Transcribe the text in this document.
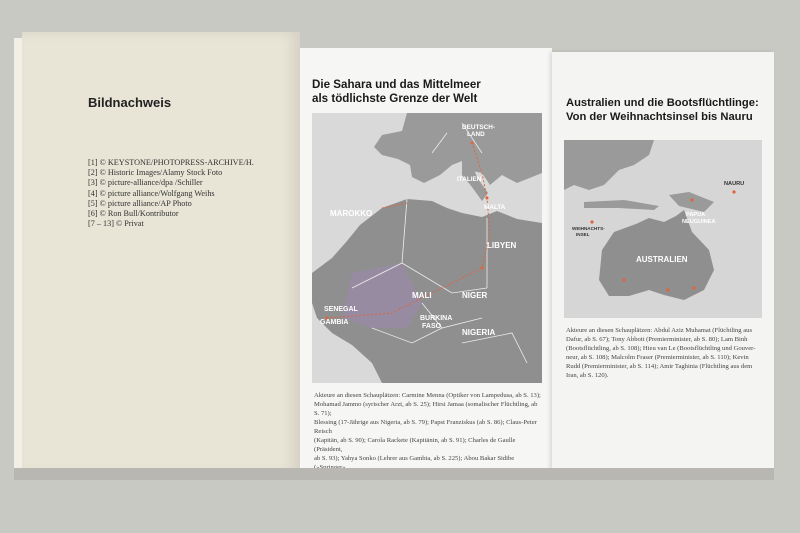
Bildnachweis
[1] © KEYSTONE/PHOTOPRESS-ARCHIVE/H.
[2] © Historic Images/Alamy Stock Foto
[3] © picture-alliance/dpa /Schiller
[4] © picture alliance/Wolfgang Weihs
[5] © picture alliance/AP Photo
[6] © Ron Bull/Kontributor
[7 – 13] © Privat
Die Sahara und das Mittelmeer
als tödlichste Grenze der Welt
DEUTSCH-
LAND
ITALIEN
MALTA
MAROKKO
LIBYEN
MALI	NIGER
SENEGAL
GAMBIA
BURKINA
FASO
NIGERIA
Akteure an diesen Schauplätzen: Carmine Menna (Optiker von Lampedusa, ab S. 13);
Mohamad Jammo (syrischer Arzt, ab S. 25); Hirsi Jamaa (somalischer Flüchtling, ab S. 71);
Blessing (17-Jährige aus Nigeria, ab S. 79); Papst Franziskus (ab S. 86); Claus-Peter Reisch
(Kapitän, ab S. 90); Carola Rackete (Kapitänin, ab S. 91); Charles de Gaulle (Präsident,
ab S. 93); Yahya Sonko (Lehrer aus Gambia, ab S. 225); Abou Bakar Sidibe
Australien und die Bootsflüchtlinge:
Von der Weihnachtsinsel bis Nauru
PAPUA
NEUGUINEA
NAURU
WEIHNACHTS-
INSEL
AUSTRALIEN
Akteure an diesen Schauplätzen: Abdul Aziz Muhamat (Flüchtling aus
Dafur, ab S. 67); Tony Abbott (Premierminister, ab S. 80); Lam Binh
(Bootsflüchtling, ab S. 108); Hieu van Le (Bootsflüchtling und Gouver-
neur, ab S. 108); Malcolm Fraser (Premierminister, ab S. 110); Kevin
Rudd (Premierminister, ab S. 114); Amir Taghinia (Flüchtling aus dem
Iran, ab S. 120).
